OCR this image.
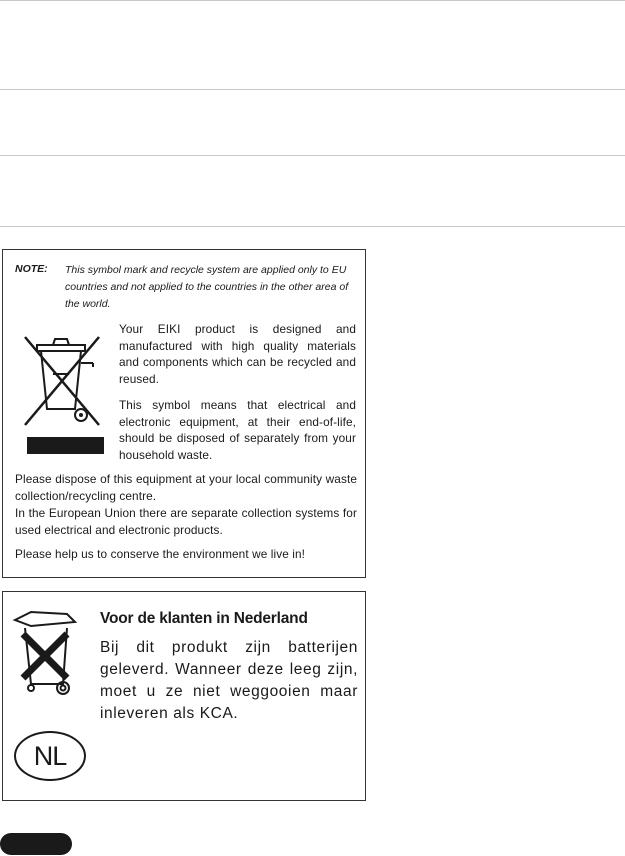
NOTE: This symbol mark and recycle system are applied only to EU countries and not applied to the countries in the other area of the world.
Your EIKI product is designed and manufactured with high quality materials and components which can be recycled and reused.
This symbol means that electrical and electronic equipment, at their end-of-life, should be disposed of separately from your household waste.
Please dispose of this equipment at your local community waste collection/recycling centre.
In the European Union there are separate collection systems for used electrical and electronic products.
Please help us to conserve the environment we live in!
Voor de klanten in Nederland
Bij dit produkt zijn batterijen geleverd. Wanneer deze leeg zijn, moet u ze niet weggooien maar inleveren als KCA.
NL
